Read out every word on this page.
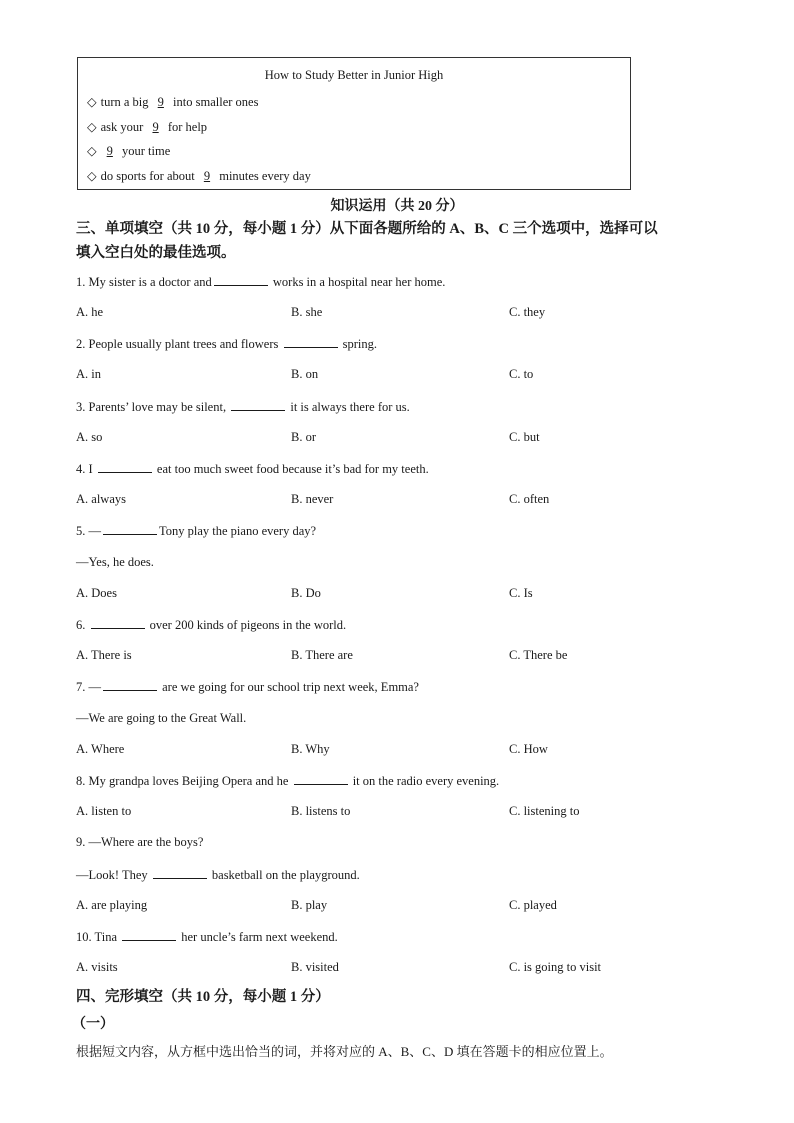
How to Study Better in Junior High
◇ turn a big 9 into smaller ones
◇ ask your 9 for help
◇ 9 your time
◇ do sports for about 9 minutes every day
知识运用（共 20 分）
三、单项填空（共 10 分，每小题 1 分）从下面各题所给的 A、B、C 三个选项中，选择可以
填入空白处的最佳选项。
1. My sister is a doctor and	works in a hospital near her home.
A. he	B. she	C. they
2. People usually plant trees and flowers	spring.
A. in	B. on	C. to
3. Parents’ love may be silent,	it is always there for us.
A. so	B. or	C. but
4. I	eat too much sweet food because it’s bad for my teeth.
A. always	B. never	C. often
5. —	Tony play the piano every day?
—Yes, he does.
A. Does	B. Do	C. Is
6.	over 200 kinds of pigeons in the world.
A. There is	B. There are	C. There be
7. —	are we going for our school trip next week, Emma?
—We are going to the Great Wall.
A. Where	B. Why	C. How
8. My grandpa loves Beijing Opera and he	it on the radio every evening.
A. listen to	B. listens to	C. listening to
9. —Where are the boys?
—Look! They	basketball on the playground.
A. are playing	B. play	C. played
10. Tina	her uncle’s farm next weekend.
A. visits	B. visited	C. is going to visit
四、完形填空（共 10 分，每小题 1 分）
（一）
根据短文内容，从方框中选出恰当的词，并将对应的 A、B、C、D 填在答题卡的相应位置上。
